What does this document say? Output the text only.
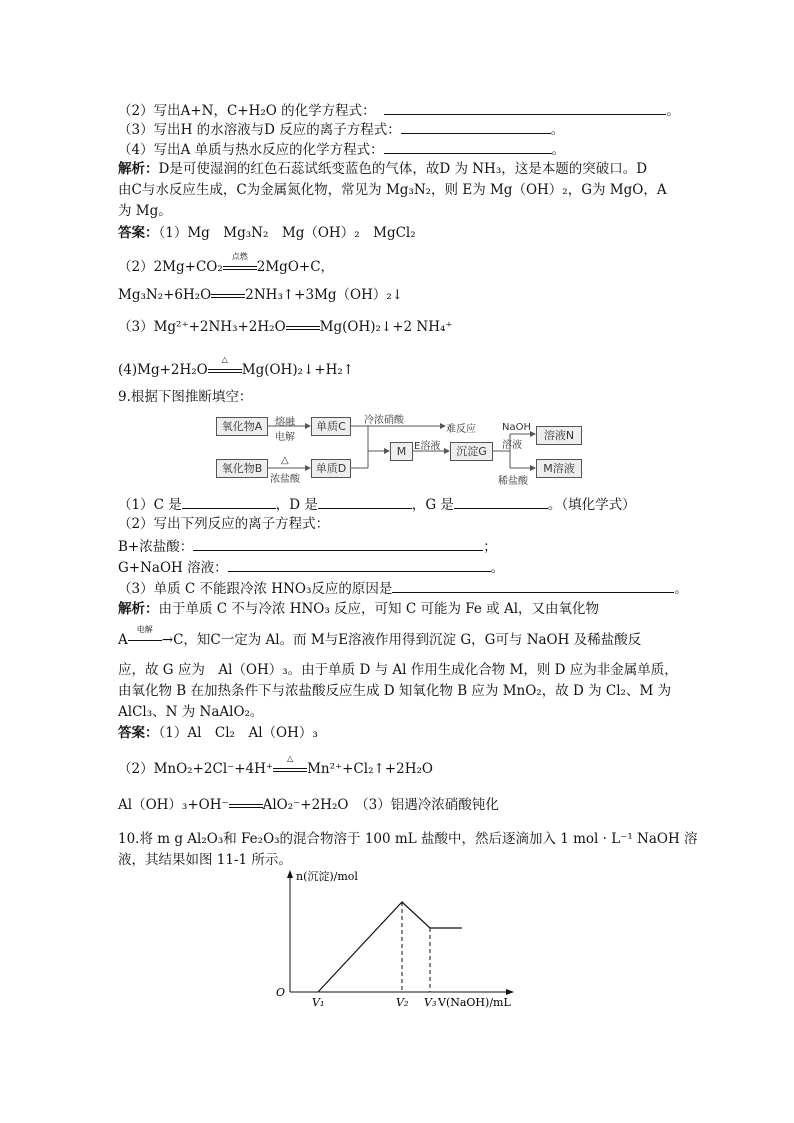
（2）写出A+N，C+H₂O 的化学方程式：	。
（3）写出H 的水溶液与D 反应的离子方程式：	。
（4）写出A 单质与热水反应的化学方程式：	。
解析：D是可使湿润的红色石蕊试纸变蓝色的气体，故D 为 NH₃，这是本题的突破口。D
由C与水反应生成，C为金属氮化物，常见为 Mg₃N₂，则 E为 Mg（OH）₂，G为 MgO，A
为 Mg。
答案：（1）Mg　Mg₃N₂　Mg（OH）₂　MgCl₂
（2）2Mg+CO₂
点燃
2MgO+C，
Mg₃N₂+6H₂O	2NH₃↑+3Mg（OH）₂↓
（3）Mg²⁺+2NH₃+2H₂O	Mg(OH)₂↓+2 NH₄⁺
(4)Mg+2H₂O
△
Mg(OH)₂↓+H₂↑
9.根据下图推断填空：
氧化物A	单质C
氧化物B	单质D
M	沉淀G
溶液N
M溶液
熔融
电解
△
浓盐酸
冷浓硝酸
难反应
E溶液
NaOH
溶液
稀盐酸
（1）C 是	，D 是	，G 是	。（填化学式）
（2）写出下列反应的离子方程式：
B+浓盐酸：	；
G+NaOH 溶液：	。
（3）单质 C 不能跟冷浓 HNO₃反应的原因是	。
解析：由于单质 C 不与冷浓 HNO₃ 反应，可知 C 可能为 Fe 或 Al，又由氧化物
A
电解
→C，知C一定为 Al。而 M与E溶液作用得到沉淀 G，G可与 NaOH 及稀盐酸反
应，故 G 应为　Al（OH）₃。由于单质 D 与 Al 作用生成化合物 M，则 D 应为非金属单质，
由氧化物 B 在加热条件下与浓盐酸反应生成 D 知氧化物 B 应为 MnO₂，故 D 为 Cl₂、M 为
AlCl₃、N 为 NaAlO₂。
答案：（1）Al　Cl₂　Al（OH）₃
（2）MnO₂+2Cl⁻+4H⁺
△
Mn²⁺+Cl₂↑+2H₂O
Al（OH）₃+OH⁻	AlO₂⁻+2H₂O　（3）铝遇冷浓硝酸钝化
10.将 m g Al₂O₃和 Fe₂O₃的混合物溶于 100 mL 盐酸中，然后逐滴加入 1 mol · L⁻¹ NaOH 溶
液，其结果如图 11-1 所示。
n(沉淀)/mol
O
V(NaOH)/mL
V₁	V₂ V₃
